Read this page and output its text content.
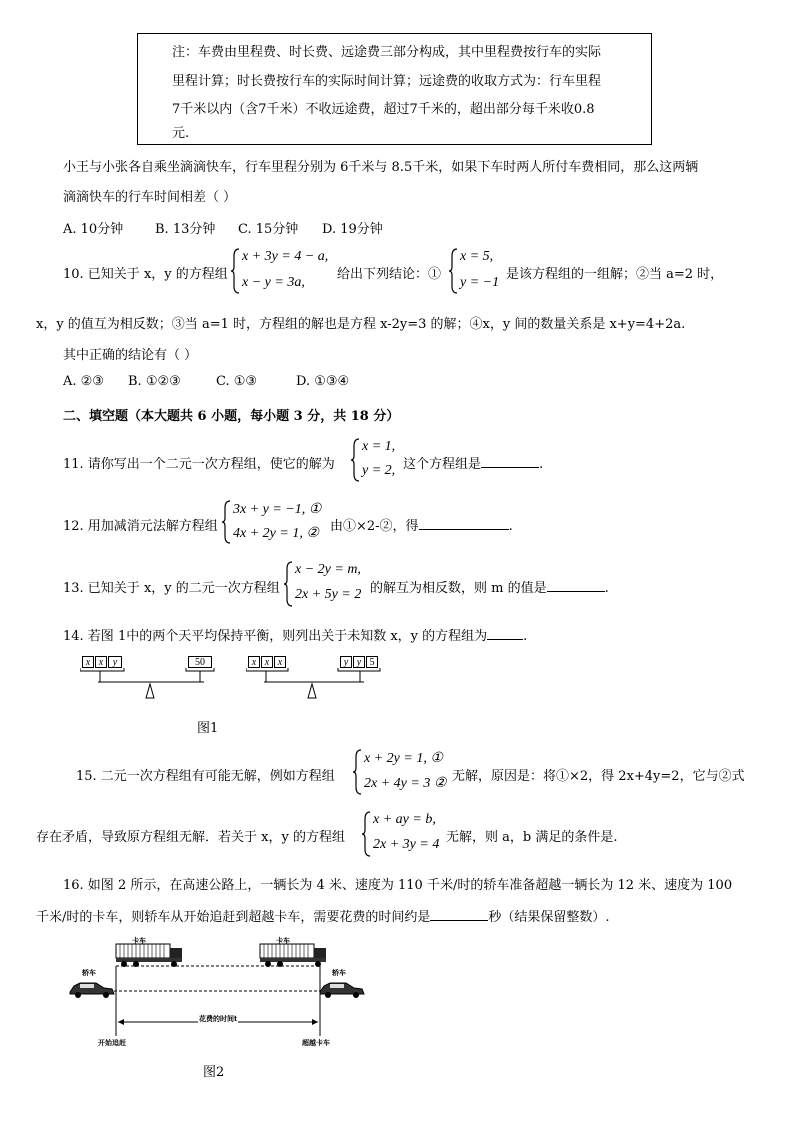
注：车费由里程费、时长费、远途费三部分构成，其中里程费按行车的实际
里程计算；时长费按行车的实际时间计算；远途费的收取方式为：行车里程
7千米以内（含7千米）不收远途费，超过7千米的，超出部分每千米收0.8
元.
小王与小张各自乘坐滴滴快车，行车里程分别为 6千米与 8.5千米，如果下车时两人所付车费相同，那么这两辆
滴滴快车的行车时间相差（ ）
A. 10分钟 B. 13分钟 C. 15分钟 D. 19分钟
10. 已知关于 x，y 的方程组
x + 3y = 4 − a,
x − y = 3a,
给出下列结论：①
x = 5,
y = −1
是该方程组的一组解；②当 a=2 时，
x，y 的值互为相反数；③当 a=1 时，方程组的解也是方程 x-2y=3 的解；④x，y 间的数量关系是 x+y=4+2a.
其中正确的结论有（ ）
A. ②③ B. ①②③	C. ①③	D. ①③④
二、填空题（本大题共 6 小题，每小题 3 分，共 18 分）
11. 请你写出一个二元一次方程组，使它的解为
x = 1,
y = 2, 这个方程组是	.
12. 用加减消元法解方程组
3x + y = −1, ①
4x + 2y = 1, ② 由①×2-②，得	.
13. 已知关于 x，y 的二元一次方程组
x − 2y = m,
2x + 5y = 2 的解互为相反数，则 m 的值是	.
14. 若图 1中的两个天平均保持平衡，则列出关于未知数 x，y 的方程组为	.
x x y	50	x x x	y y 5
图1
15. 二元一次方程组有可能无解，例如方程组
x + 2y = 1, ①
2x + 4y = 3 ② 无解，原因是：将①×2，得 2x+4y=2，它与②式
存在矛盾，导致原方程组无解．若关于 x，y 的方程组
x + ay = b,
2x + 3y = 4 无解，则 a，b 满足的条件是.
16. 如图 2 所示，在高速公路上，一辆长为 4 米、速度为 110 千米/时的轿车准备超越一辆长为 12 米、速度为 100
千米/时的卡车，则轿车从开始追赶到超越卡车，需要花费的时间约是	秒（结果保留整数）.
卡车	卡车
轿车	轿车
花费的时间t
开始追赶	超越卡车
图2
